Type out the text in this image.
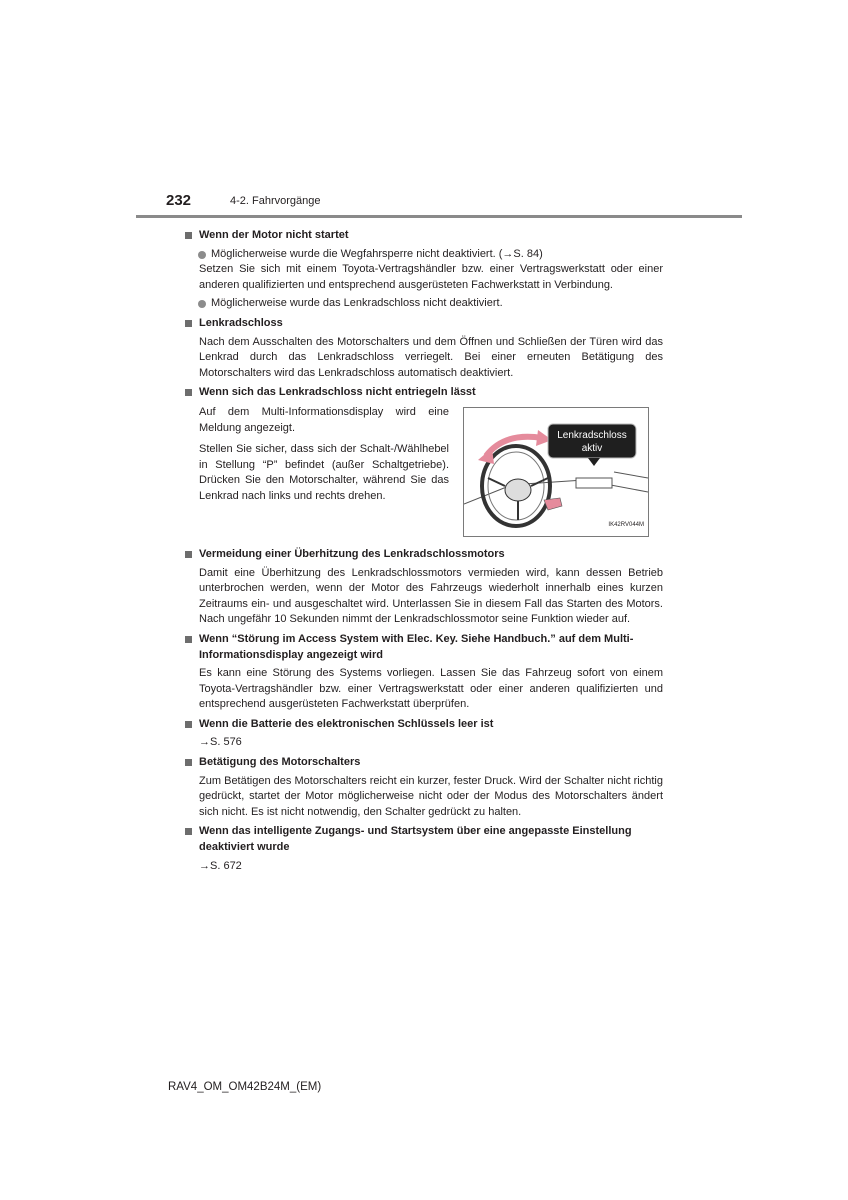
232	4-2. Fahrvorgänge
Wenn der Motor nicht startet
Möglicherweise wurde die Wegfahrsperre nicht deaktiviert. (→S. 84)
Setzen Sie sich mit einem Toyota-Vertragshändler bzw. einer Vertragswerkstatt oder einer anderen qualifizierten und entsprechend ausgerüsteten Fachwerkstatt in Verbindung.
Möglicherweise wurde das Lenkradschloss nicht deaktiviert.
Lenkradschloss
Nach dem Ausschalten des Motorschalters und dem Öffnen und Schließen der Türen wird das Lenkrad durch das Lenkradschloss verriegelt. Bei einer erneuten Betätigung des Motorschalters wird das Lenkradschloss automatisch deaktiviert.
Wenn sich das Lenkradschloss nicht entriegeln lässt
Auf dem Multi-Informationsdisplay wird eine Meldung angezeigt.
Stellen Sie sicher, dass sich der Schalt-/Wählhebel in Stellung “P” befindet (außer Schaltgetriebe). Drücken Sie den Motorschalter, während Sie das Lenkrad nach links und rechts drehen.
Lenkradschloss
aktiv
IK42RV044M
Vermeidung einer Überhitzung des Lenkradschlossmotors
Damit eine Überhitzung des Lenkradschlossmotors vermieden wird, kann dessen Betrieb unterbrochen werden, wenn der Motor des Fahrzeugs wiederholt innerhalb eines kurzen Zeitraums ein- und ausgeschaltet wird. Unterlassen Sie in diesem Fall das Starten des Motors. Nach ungefähr 10 Sekunden nimmt der Lenkradschlossmotor seine Funktion wieder auf.
Wenn “Störung im Access System with Elec. Key. Siehe Handbuch.” auf dem Multi-Informationsdisplay angezeigt wird
Es kann eine Störung des Systems vorliegen. Lassen Sie das Fahrzeug sofort von einem Toyota-Vertragshändler bzw. einer Vertragswerkstatt oder einer anderen qualifizierten und entsprechend ausgerüsteten Fachwerkstatt überprüfen.
Wenn die Batterie des elektronischen Schlüssels leer ist
→S. 576
Betätigung des Motorschalters
Zum Betätigen des Motorschalters reicht ein kurzer, fester Druck. Wird der Schalter nicht richtig gedrückt, startet der Motor möglicherweise nicht oder der Modus des Motorschalters ändert sich nicht. Es ist nicht notwendig, den Schalter gedrückt zu halten.
Wenn das intelligente Zugangs- und Startsystem über eine angepasste Einstellung deaktiviert wurde
→S. 672
RAV4_OM_OM42B24M_(EM)
